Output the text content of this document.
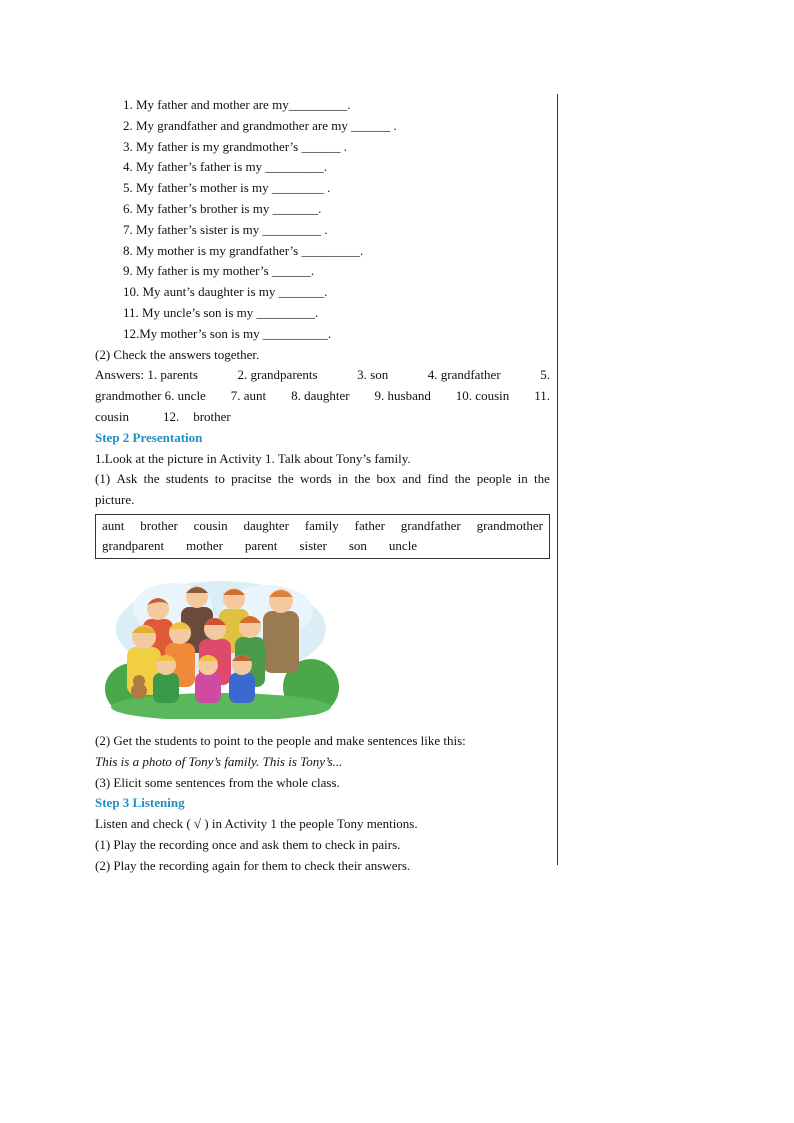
1. My father and mother are my_________.
2. My grandfather and grandmother are my ______ .
3. My father is my grandmother’s ______ .
4. My father’s father is my _________.
5. My father’s mother is my ________ .
6. My father’s brother is my _______.
7. My father’s sister is my _________ .
8. My mother is my grandfather’s _________.
9. My father is my mother’s ______.
10. My aunt’s daughter is my _______.
11. My uncle’s son is my _________.
12.My mother’s son is my __________.
(2) Check the answers together.
Answers: 1. parents	2. grandparents	3. son	4. grandfather	5.
grandmother 6. uncle 7. aunt 8. daughter 9. husband 10. cousin 11.
cousin	12. brother
Step 2 Presentation
1.Look at the picture in Activity 1. Talk about Tony’s family.
(1) Ask the students to pracitse the words in the box and find the people in the
picture.
aunt brother cousin daughter family father grandfather grandmother
grandparent mother parent sister son uncle
(2) Get the students to point to the people and make sentences like this:
This is a photo of Tony’s family. This is Tony’s...
(3) Elicit some sentences from the whole class.
Step 3 Listening
Listen and check ( √ ) in Activity 1 the people Tony mentions.
(1) Play the recording once and ask them to check in pairs.
(2) Play the recording again for them to check their answers.
